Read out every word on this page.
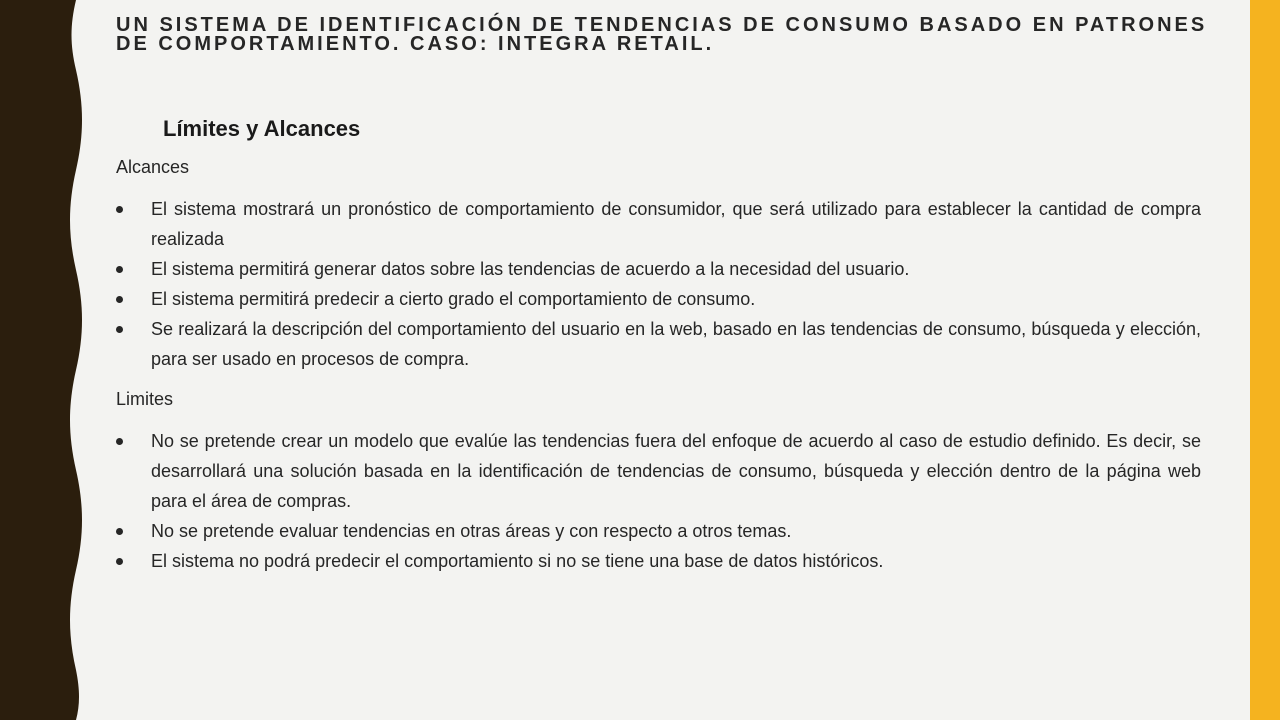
UN SISTEMA DE IDENTIFICACIÓN DE TENDENCIAS DE CONSUMO BASADO EN PATRONES DE COMPORTAMIENTO. CASO: INTEGRA RETAIL.
Límites y Alcances

Alcances

El sistema mostrará un pronóstico de comportamiento de consumidor, que será utilizado para establecer la cantidad de compra realizada
El sistema permitirá generar datos sobre las tendencias de acuerdo a la necesidad del usuario.
El sistema permitirá predecir a cierto grado el comportamiento de consumo.
Se realizará la descripción del comportamiento del usuario en la web, basado en las tendencias de consumo, búsqueda y elección, para ser usado en procesos de compra.

Limites

No se pretende crear un modelo que evalúe las tendencias fuera del enfoque de acuerdo al caso de estudio definido. Es decir, se desarrollará una solución basada en la identificación de tendencias de consumo, búsqueda y elección dentro de la página web para el área de compras.
No se pretende evaluar tendencias en otras áreas y con respecto a otros temas.
El sistema no podrá predecir el comportamiento si no se tiene una base de datos históricos.
